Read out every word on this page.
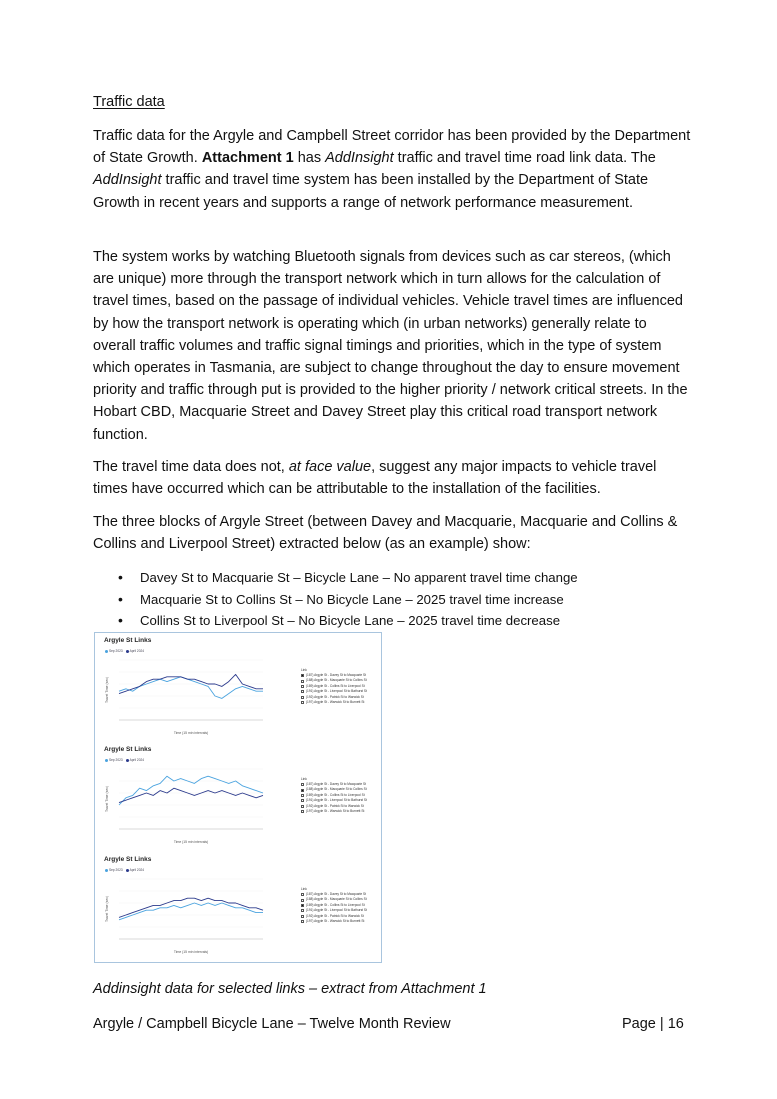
Traffic data

Traffic data for the Argyle and Campbell Street corridor has been provided by the Department of State Growth. Attachment 1 has AddInsight traffic and travel time road link data. The AddInsight traffic and travel time system has been installed by the Department of State Growth in recent years and supports a range of network performance measurement.

The system works by watching Bluetooth signals from devices such as car stereos, (which are unique) more through the transport network which in turn allows for the calculation of travel times, based on the passage of individual vehicles. Vehicle travel times are influenced by how the transport network is operating which (in urban networks) generally relate to overall traffic volumes and traffic signal timings and priorities, which in the type of system which operates in Tasmania, are subject to change throughout the day to ensure movement priority and traffic through put is provided to the higher priority / network critical streets. In the Hobart CBD, Macquarie Street and Davey Street play this critical road transport network function.

The travel time data does not, at face value, suggest any major impacts to vehicle travel times have occurred which can be attributable to the installation of the facilities.

The three blocks of Argyle Street (between Davey and Macquarie, Macquarie and Collins & Collins and Liverpool Street) extracted below (as an example) show:

• Davey St to Macquarie St – Bicycle Lane – No apparent travel time change
• Macquarie St to Collins St – No Bicycle Lane – 2025 travel time increase
• Collins St to Liverpool St – No Bicycle Lane – 2025 travel time decrease
Argyle St Links
Sep 2023 April 2024
Travel Time (sec)
Time (15 min intervals)
Link
(187) Argyle St - Davey St to Macquarie St
(188) Argyle St - Macquarie St to Collins St
(189) Argyle St - Collins St to Liverpool St
(191) Argyle St - Liverpool St to Bathurst St
(192) Argyle St - Patrick St to Warwick St
(197) Argyle St - Warwick St to Burnett St
Argyle St Links
Sep 2023 April 2024
Travel Time (sec)
Time (15 min intervals)
Link
(187) Argyle St - Davey St to Macquarie St
(188) Argyle St - Macquarie St to Collins St
(189) Argyle St - Collins St to Liverpool St
(191) Argyle St - Liverpool St to Bathurst St
(192) Argyle St - Patrick St to Warwick St
(197) Argyle St - Warwick St to Burnett St
Argyle St Links
Sep 2023 April 2024
Travel Time (sec)
Time (15 min intervals)
Link
(187) Argyle St - Davey St to Macquarie St
(188) Argyle St - Macquarie St to Collins St
(189) Argyle St - Collins St to Liverpool St
(191) Argyle St - Liverpool St to Bathurst St
(192) Argyle St - Patrick St to Warwick St
(197) Argyle St - Warwick St to Burnett St
Addinsight data for selected links – extract from Attachment 1
Argyle / Campbell Bicycle Lane – Twelve Month Review	Page | 16
